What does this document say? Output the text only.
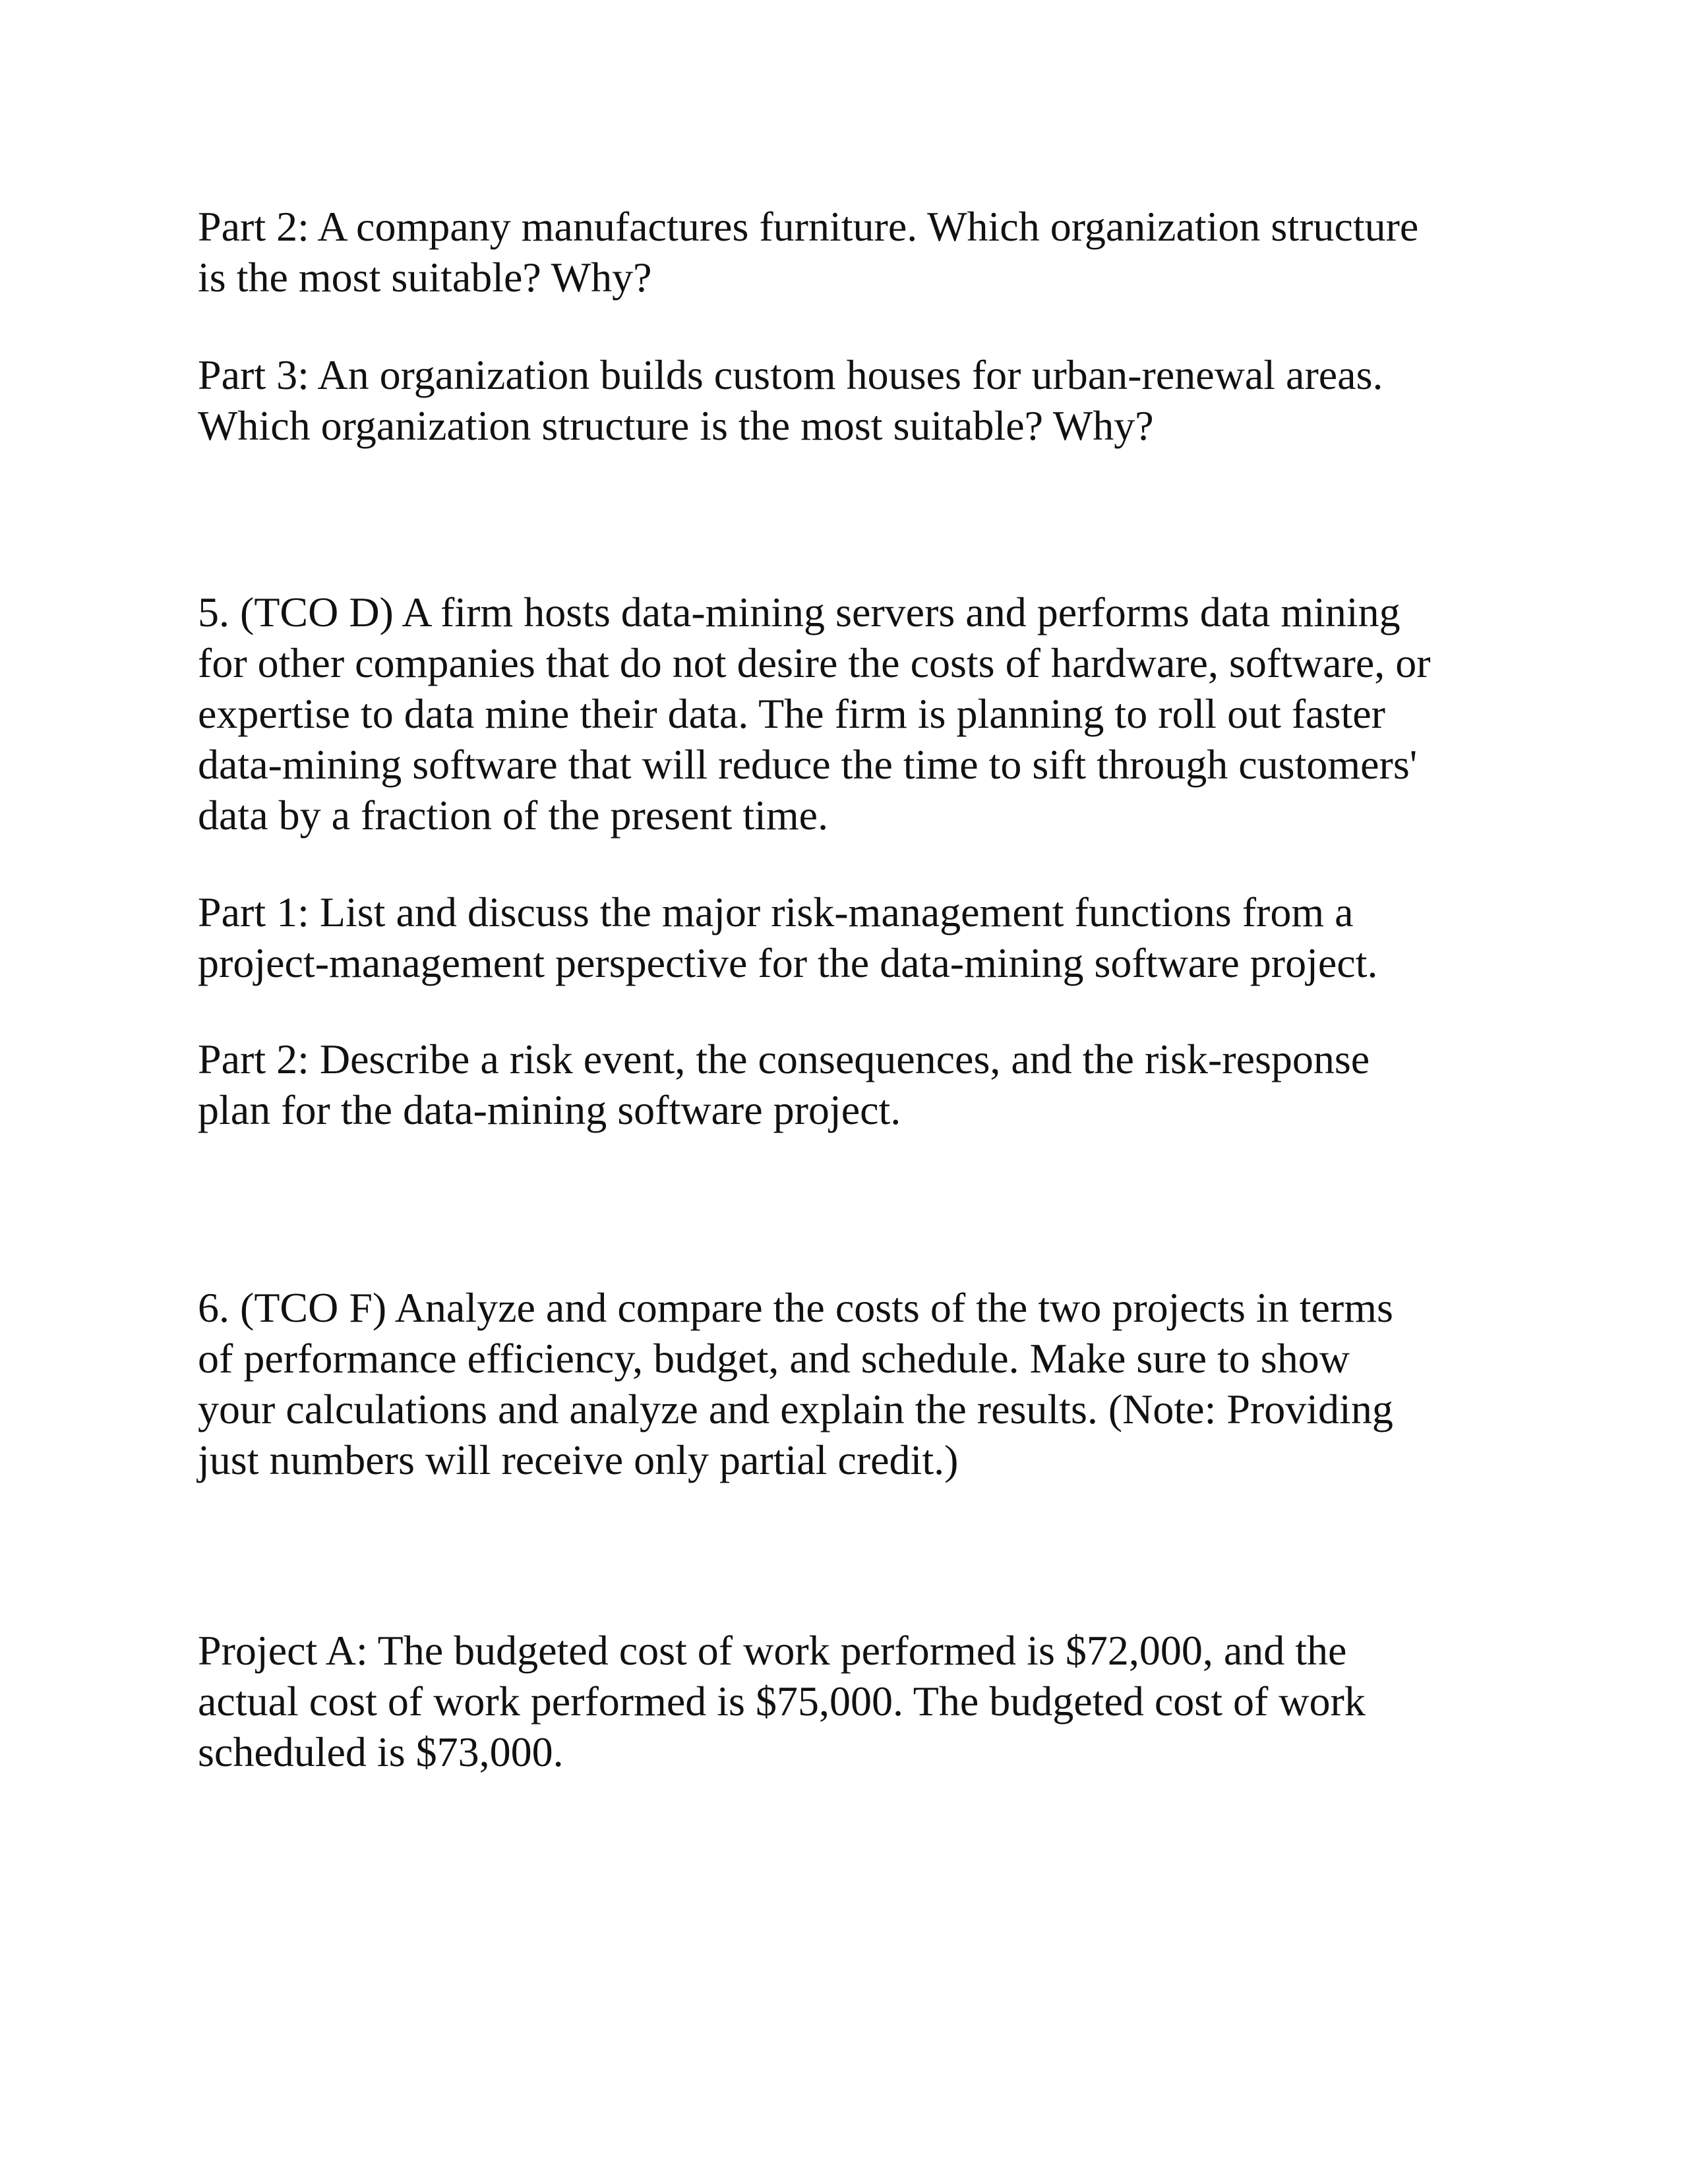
Part 2: A company manufactures furniture. Which organization structure
is the most suitable? Why?

Part 3: An organization builds custom houses for urban-renewal areas.
Which organization structure is the most suitable? Why?

5. (TCO D) A firm hosts data-mining servers and performs data mining
for other companies that do not desire the costs of hardware, software, or
expertise to data mine their data. The firm is planning to roll out faster
data-mining software that will reduce the time to sift through customers'
data by a fraction of the present time.

Part 1: List and discuss the major risk-management functions from a
project-management perspective for the data-mining software project.

Part 2: Describe a risk event, the consequences, and the risk-response
plan for the data-mining software project.

6. (TCO F) Analyze and compare the costs of the two projects in terms
of performance efficiency, budget, and schedule. Make sure to show
your calculations and analyze and explain the results. (Note: Providing
just numbers will receive only partial credit.)

Project A: The budgeted cost of work performed is $72,000, and the
actual cost of work performed is $75,000. The budgeted cost of work
scheduled is $73,000.
